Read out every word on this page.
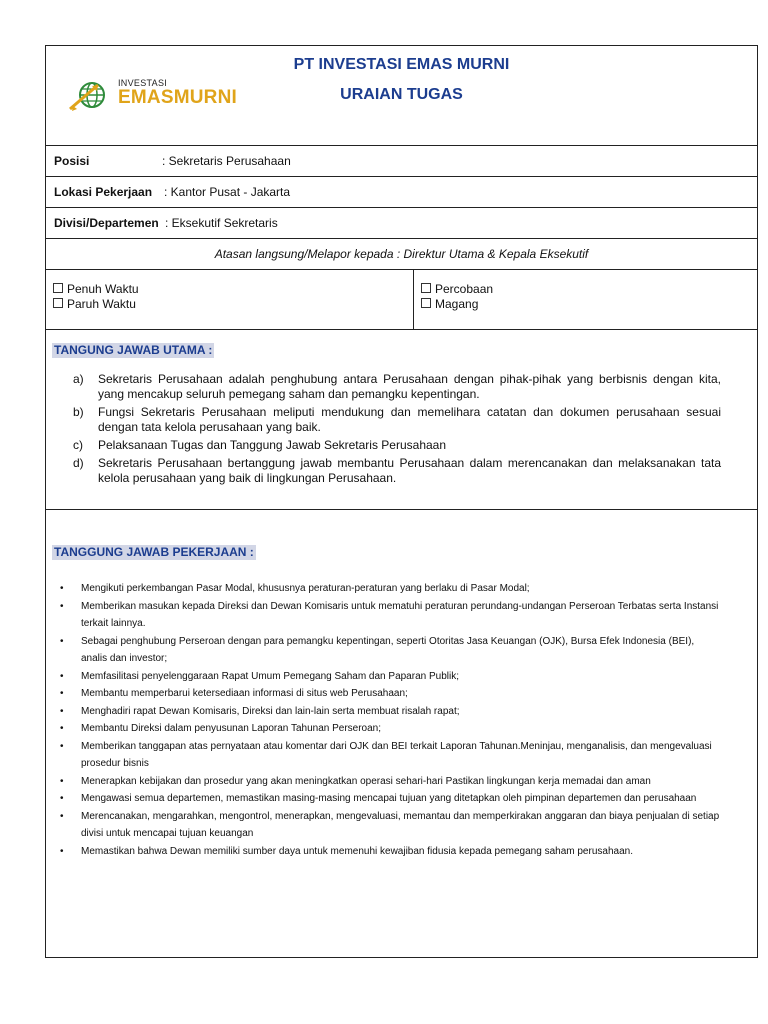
INVESTASI
EMASMURNI
PT INVESTASI EMAS MURNI
URAIAN TUGAS
Posisi	: Sekretaris Perusahaan
Lokasi Pekerjaan : Kantor Pusat - Jakarta
Divisi/Departemen : Eksekutif Sekretaris
Atasan langsung/Melapor kepada : Direktur Utama & Kepala Eksekutif
Penuh Waktu
Paruh Waktu
Percobaan
Magang
TANGUNG JAWAB UTAMA :
a) Sekretaris Perusahaan adalah penghubung antara Perusahaan dengan pihak-pihak yang berbisnis dengan kita, yang mencakup seluruh pemegang saham dan pemangku kepentingan.
b) Fungsi Sekretaris Perusahaan meliputi mendukung dan memelihara catatan dan dokumen perusahaan sesuai dengan tata kelola perusahaan yang baik.
c) Pelaksanaan Tugas dan Tanggung Jawab Sekretaris Perusahaan
d) Sekretaris Perusahaan bertanggung jawab membantu Perusahaan dalam merencanakan dan melaksanakan tata kelola perusahaan yang baik di lingkungan Perusahaan.
TANGGUNG JAWAB PEKERJAAN :
• Mengikuti perkembangan Pasar Modal, khususnya peraturan-peraturan yang berlaku di Pasar Modal;
• Memberikan masukan kepada Direksi dan Dewan Komisaris untuk mematuhi peraturan perundang-undangan Perseroan Terbatas serta Instansi terkait lainnya.
• Sebagai penghubung Perseroan dengan para pemangku kepentingan, seperti Otoritas Jasa Keuangan (OJK), Bursa Efek Indonesia (BEI), analis dan investor;
• Memfasilitasi penyelenggaraan Rapat Umum Pemegang Saham dan Paparan Publik;
• Membantu memperbarui ketersediaan informasi di situs web Perusahaan;
• Menghadiri rapat Dewan Komisaris, Direksi dan lain-lain serta membuat risalah rapat;
• Membantu Direksi dalam penyusunan Laporan Tahunan Perseroan;
• Memberikan tanggapan atas pernyataan atau komentar dari OJK dan BEI terkait Laporan Tahunan.Meninjau, menganalisis, dan mengevaluasi prosedur bisnis
• Menerapkan kebijakan dan prosedur yang akan meningkatkan operasi sehari-hari Pastikan lingkungan kerja memadai dan aman
• Mengawasi semua departemen, memastikan masing-masing mencapai tujuan yang ditetapkan oleh pimpinan departemen dan perusahaan
• Merencanakan, mengarahkan, mengontrol, menerapkan, mengevaluasi, memantau dan memperkirakan anggaran dan biaya penjualan di setiap divisi untuk mencapai tujuan keuangan
• Memastikan bahwa Dewan memiliki sumber daya untuk memenuhi kewajiban fidusia kepada pemegang saham perusahaan.
